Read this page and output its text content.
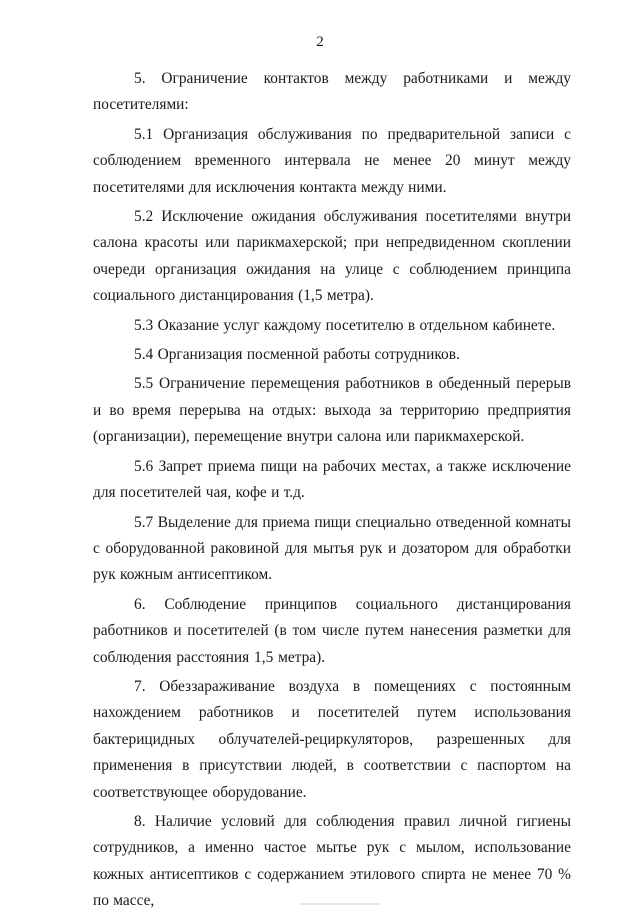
2

5. Ограничение контактов между работниками и между посетителями:

5.1 Организация обслуживания по предварительной записи с соблюдением временного интервала не менее 20 минут между посетителями для исключения контакта между ними.

5.2 Исключение ожидания обслуживания посетителями внутри салона красоты или парикмахерской; при непредвиденном скоплении очереди организация ожидания на улице с соблюдением принципа социального дистанцирования (1,5 метра).

5.3 Оказание услуг каждому посетителю в отдельном кабинете.

5.4 Организация посменной работы сотрудников.

5.5 Ограничение перемещения работников в обеденный перерыв и во время перерыва на отдых: выхода за территорию предприятия (организации), перемещение внутри салона или парикмахерской.

5.6 Запрет приема пищи на рабочих местах, а также исключение для посетителей чая, кофе и т.д.

5.7 Выделение для приема пищи специально отведенной комнаты с оборудованной раковиной для мытья рук и дозатором для обработки рук кожным антисептиком.

6. Соблюдение принципов социального дистанцирования работников и посетителей (в том числе путем нанесения разметки для соблюдения расстояния 1,5 метра).

7. Обеззараживание воздуха в помещениях с постоянным нахождением работников и посетителей путем использования бактерицидных облучателей-рециркуляторов, разрешенных для применения в присутствии людей, в соответствии с паспортом на соответствующее оборудование.

8. Наличие условий для соблюдения правил личной гигиены сотрудников, а именно частое мытье рук с мылом, использование кожных антисептиков с содержанием этилового спирта не менее 70 % по массе,
